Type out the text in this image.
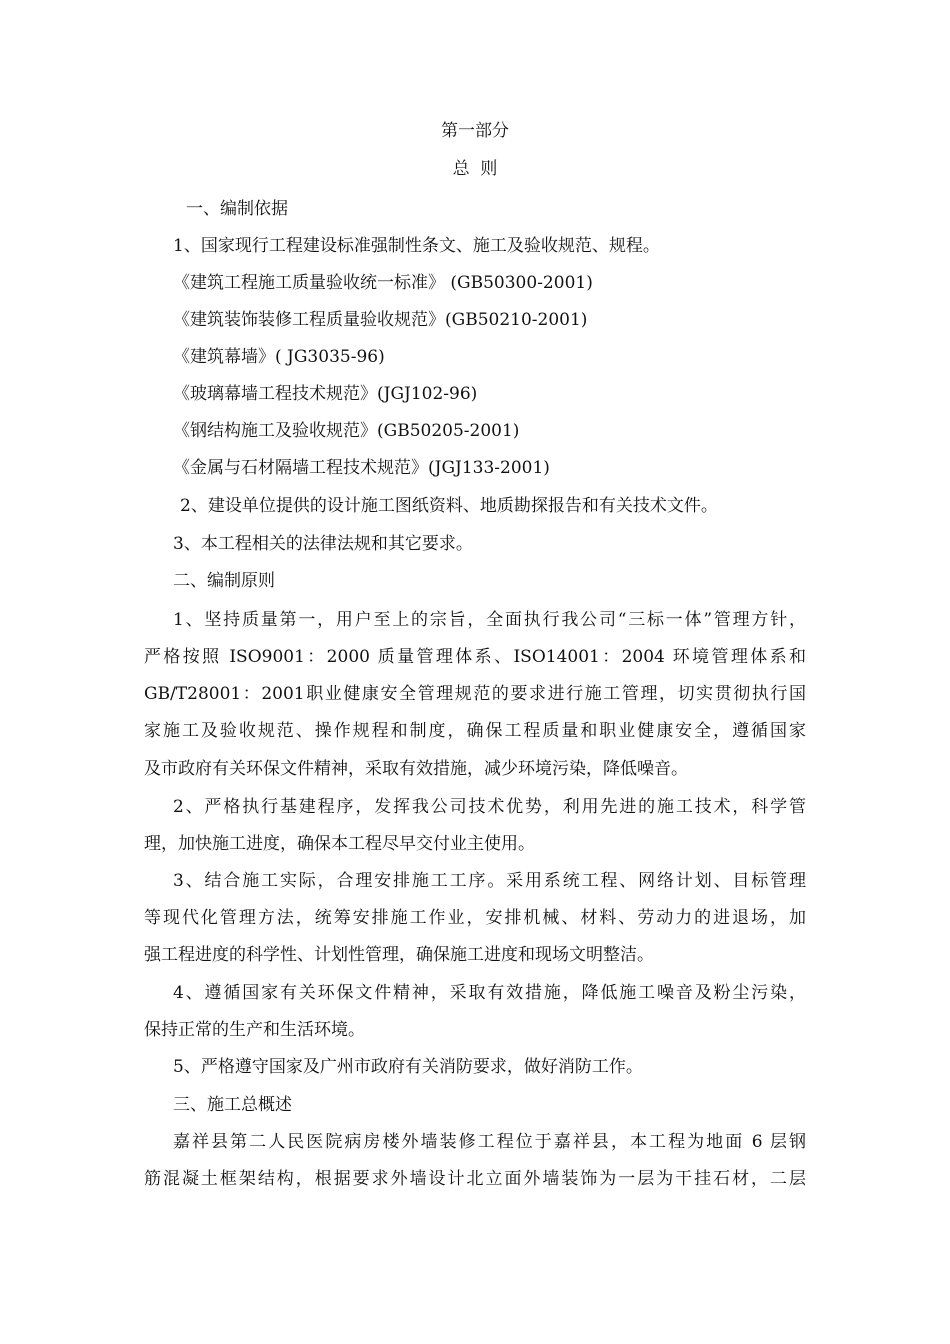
第一部分
总  则
一、编制依据
1、国家现行工程建设标准强制性条文、施工及验收规范、规程。
《建筑工程施工质量验收统一标准》 (GB50300-2001)
《建筑装饰装修工程质量验收规范》(GB50210-2001)
《建筑幕墙》( JG3035-96)
《玻璃幕墙工程技术规范》(JGJ102-96)
《钢结构施工及验收规范》(GB50205-2001)
《金属与石材隔墙工程技术规范》(JGJ133-2001)
2、建设单位提供的设计施工图纸资料、地质勘探报告和有关技术文件。
3、本工程相关的法律法规和其它要求。
二、编制原则
1、坚持质量第一，用户至上的宗旨，全面执行我公司“三标一体”管理方针，
严格按照 ISO9001：2000 质量管理体系、ISO14001：2004 环境管理体系和
GB/T28001：2001职业健康安全管理规范的要求进行施工管理，切实贯彻执行国
家施工及验收规范、操作规程和制度，确保工程质量和职业健康安全，遵循国家
及市政府有关环保文件精神，采取有效措施，减少环境污染，降低噪音。
2、严格执行基建程序，发挥我公司技术优势，利用先进的施工技术，科学管
理，加快施工进度，确保本工程尽早交付业主使用。
3、结合施工实际，合理安排施工工序。采用系统工程、网络计划、目标管理
等现代化管理方法，统筹安排施工作业，安排机械、材料、劳动力的进退场，加
强工程进度的科学性、计划性管理，确保施工进度和现场文明整洁。
4、遵循国家有关环保文件精神，采取有效措施，降低施工噪音及粉尘污染，
保持正常的生产和生活环境。
5、严格遵守国家及广州市政府有关消防要求，做好消防工作。
三、施工总概述
嘉祥县第二人民医院病房楼外墙装修工程位于嘉祥县，本工程为地面 6 层钢
筋混凝土框架结构，根据要求外墙设计北立面外墙装饰为一层为干挂石材，二层
